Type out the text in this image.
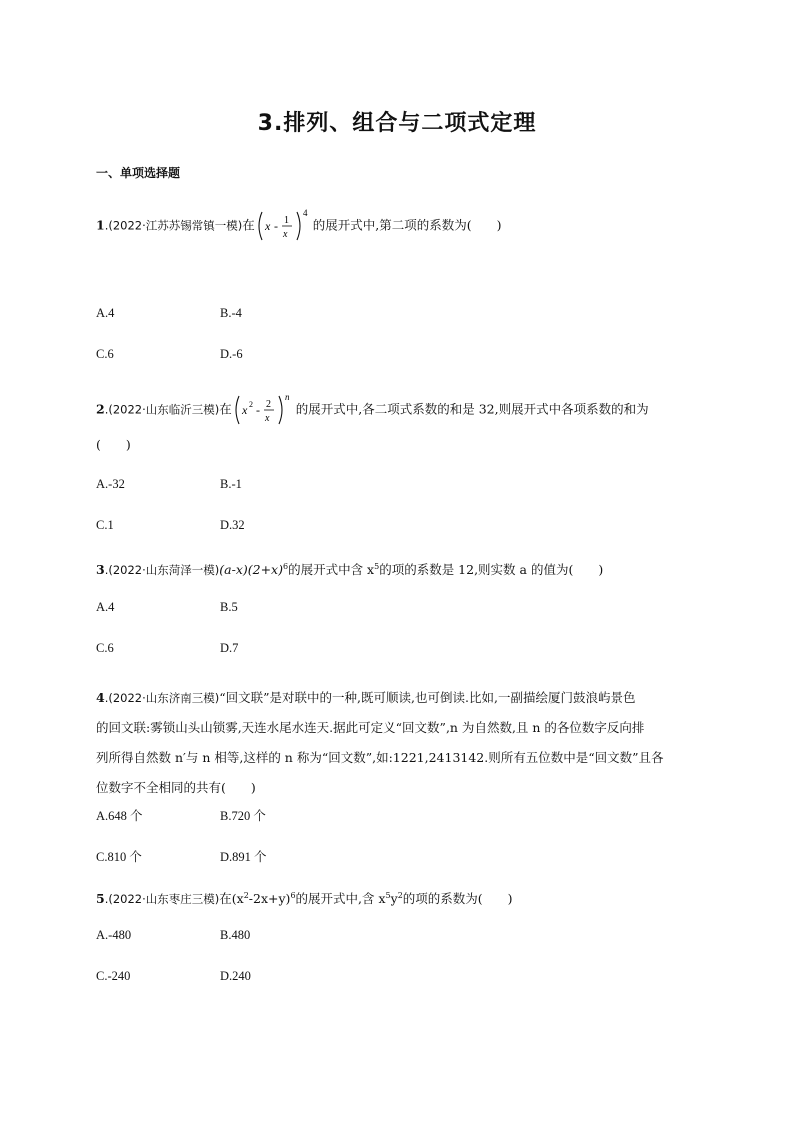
3.排列、组合与二项式定理
一、单项选择题
1.(2022·江苏苏锡常镇一模)在 x - 1
x
4
的展开式中,第二项的系数为(　　)
A.4	B.-4
C.6	D.-6
2.(2022·山东临沂三模)在 x 2 - 2
x
n
的展开式中,各二项式系数的和是 32,则展开式中各项系数的和为
(　　)
A.-32	B.-1
C.1	D.32
3.(2022·山东菏泽一模)$(a-x)(2+x)^6$的展开式中含 $x^5$的项的系数是 12,则实数 a 的值为(　　)
A.4	B.5
C.6	D.7
4.(2022·山东济南三模)“回文联”是对联中的一种,既可顺读,也可倒读.比如,一副描绘厦门鼓浪屿景色
的回文联:雾锁山头山锁雾,天连水尾水连天.据此可定义“回文数”,n 为自然数,且 n 的各位数字反向排
列所得自然数 n′与 n 相等,这样的 n 称为“回文数”,如:1221,2413142.则所有五位数中是“回文数”且各
位数字不全相同的共有(　　)
A.648 个	B.720 个
C.810 个	D.891 个
5.(2022·山东枣庄三模)在$(x^2-2x+y)^6$的展开式中,含 $x^5y^2$的项的系数为(　　)
A.-480	B.480
C.-240	D.240
